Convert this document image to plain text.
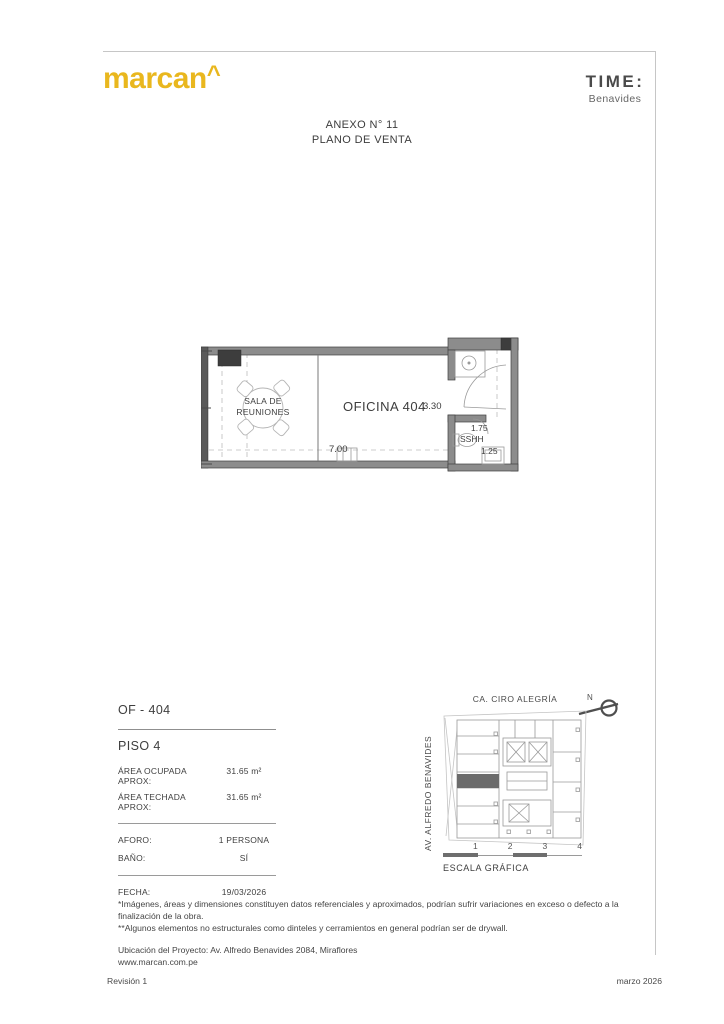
marcan^	TIME:
Benavides
ANEXO N° 11
PLANO DE VENTA
SALA DE
REUNIONES	OFICINA 404
3.30
7.00
1.75
SSHH
1.25
OF - 404
PISO 4
ÁREA OCUPADA APROX:
31.65 m²
ÁREA TECHADA APROX:
31.65 m²
AFORO:	1 PERSONA
BAÑO:	SÍ
FECHA:	19/03/2026
CA. CIRO ALEGRÍA
AV. ALFREDO BENAVIDES
N
1	2	3	4
ESCALA GRÁFICA
*Imágenes, áreas y dimensiones constituyen datos referenciales y aproximados, podrían sufrir variaciones en exceso o defecto a la finalización de la obra.
**Algunos elementos no estructurales como dinteles y cerramientos en general podrían ser de drywall.
Ubicación del Proyecto: Av. Alfredo Benavides 2084, Miraflores
www.marcan.com.pe
Revisión 1	marzo 2026
